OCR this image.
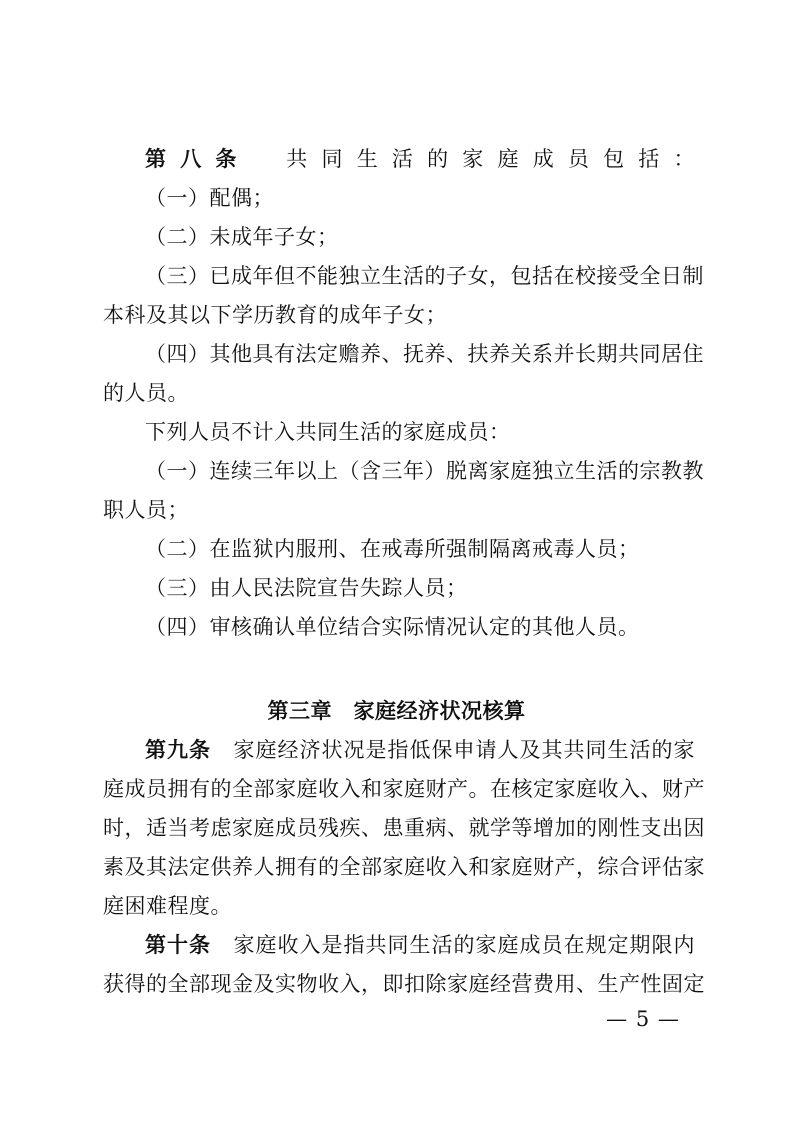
第八条 共同生活的家庭成员包括：
（一）配偶；
（二）未成年子女；
（三）已成年但不能独立生活的子女，包括在校接受全日制
本科及其以下学历教育的成年子女；
（四）其他具有法定赡养、抚养、扶养关系并长期共同居住
的人员。
下列人员不计入共同生活的家庭成员：
（一）连续三年以上（含三年）脱离家庭独立生活的宗教教
职人员；
（二）在监狱内服刑、在戒毒所强制隔离戒毒人员；
（三）由人民法院宣告失踪人员；
（四）审核确认单位结合实际情况认定的其他人员。
第三章　家庭经济状况核算
第九条 家庭经济状况是指低保申请人及其共同生活的家
庭成员拥有的全部家庭收入和家庭财产。在核定家庭收入、财产
时，适当考虑家庭成员残疾、患重病、就学等增加的刚性支出因
素及其法定供养人拥有的全部家庭收入和家庭财产，综合评估家
庭困难程度。
第十条 家庭收入是指共同生活的家庭成员在规定期限内
获得的全部现金及实物收入，即扣除家庭经营费用、生产性固定
— 5 —
